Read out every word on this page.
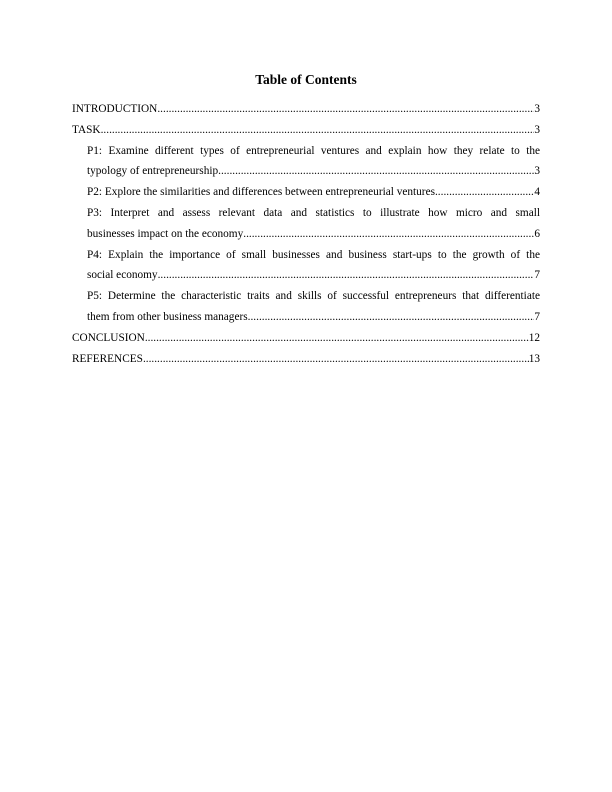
Table of Contents
INTRODUCTION .....	3
TASK .....	3
P1: Examine different types of entrepreneurial ventures and explain how they relate to the
typology of entrepreneurship .....	3
P2: Explore the similarities and differences between entrepreneurial ventures .....	4
P3: Interpret and assess relevant data and statistics to illustrate how micro and small
businesses impact on the economy .....	6
P4: Explain the importance of small businesses and business start-ups to the growth of the
social economy .....	7
P5: Determine the characteristic traits and skills of successful entrepreneurs that differentiate
them from other business managers .....	7
CONCLUSION .....	12
REFERENCES .....	13
